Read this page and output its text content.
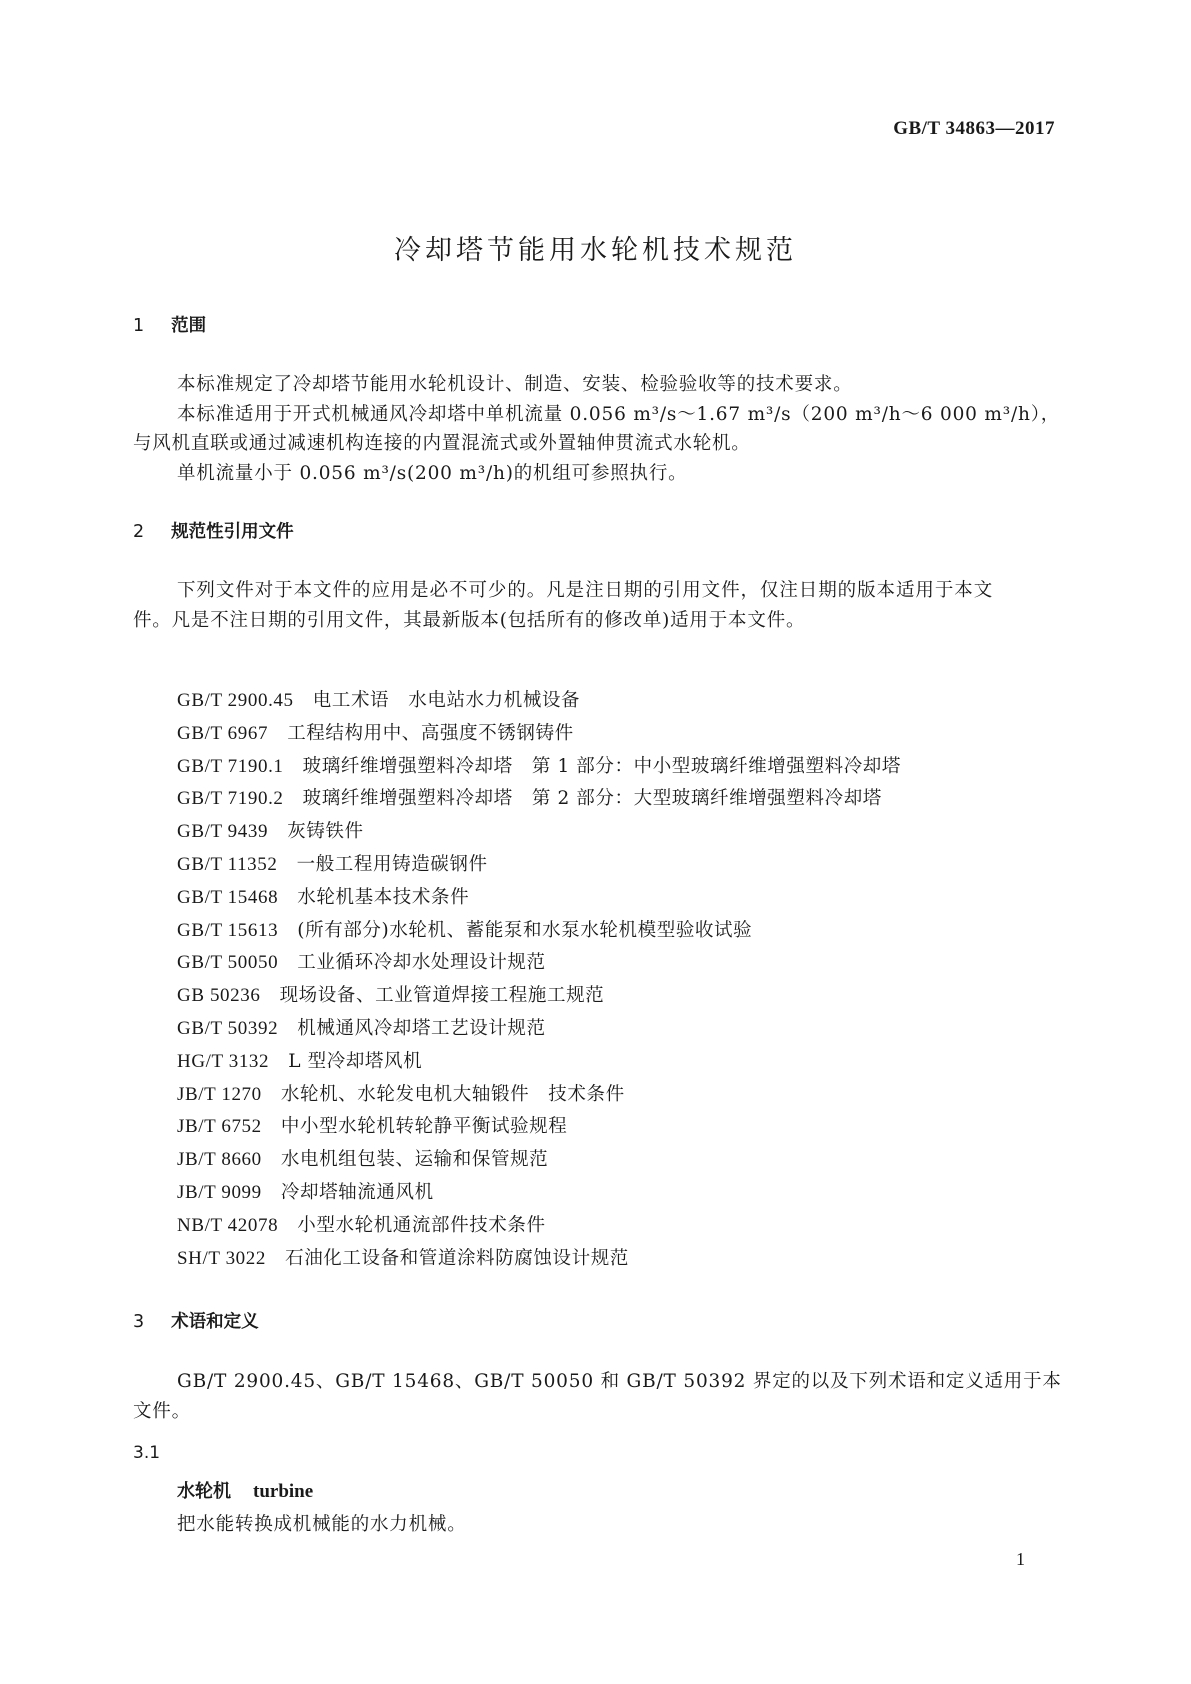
GB/T 34863—2017
冷却塔节能用水轮机技术规范
1 范围
本标准规定了冷却塔节能用水轮机设计、制造、安装、检验验收等的技术要求。
本标准适用于开式机械通风冷却塔中单机流量 0.056 m³/s～1.67 m³/s（200 m³/h～6 000 m³/h），
与风机直联或通过减速机构连接的内置混流式或外置轴伸贯流式水轮机。
单机流量小于 0.056 m³/s(200 m³/h)的机组可参照执行。
2 规范性引用文件
下列文件对于本文件的应用是必不可少的。凡是注日期的引用文件，仅注日期的版本适用于本文
件。凡是不注日期的引用文件，其最新版本(包括所有的修改单)适用于本文件。
GB/T 2900.45　 电工术语　水电站水力机械设备
GB/T 6967　 工程结构用中、高强度不锈钢铸件
GB/T 7190.1　 玻璃纤维增强塑料冷却塔　第 1 部分：中小型玻璃纤维增强塑料冷却塔
GB/T 7190.2　 玻璃纤维增强塑料冷却塔　第 2 部分：大型玻璃纤维增强塑料冷却塔
GB/T 9439　 灰铸铁件
GB/T 11352　 一般工程用铸造碳钢件
GB/T 15468　 水轮机基本技术条件
GB/T 15613　 (所有部分)水轮机、蓄能泵和水泵水轮机模型验收试验
GB/T 50050　 工业循环冷却水处理设计规范
GB 50236　 现场设备、工业管道焊接工程施工规范
GB/T 50392　 机械通风冷却塔工艺设计规范
HG/T 3132　 L 型冷却塔风机
JB/T 1270　 水轮机、水轮发电机大轴锻件　技术条件
JB/T 6752　 中小型水轮机转轮静平衡试验规程
JB/T 8660　 水电机组包装、运输和保管规范
JB/T 9099　 冷却塔轴流通风机
NB/T 42078　 小型水轮机通流部件技术条件
SH/T 3022　 石油化工设备和管道涂料防腐蚀设计规范
3 术语和定义
GB/T 2900.45、GB/T 15468、GB/T 50050 和 GB/T 50392 界定的以及下列术语和定义适用于本
文件。
3.1
水轮机 turbine
把水能转换成机械能的水力机械。
1
